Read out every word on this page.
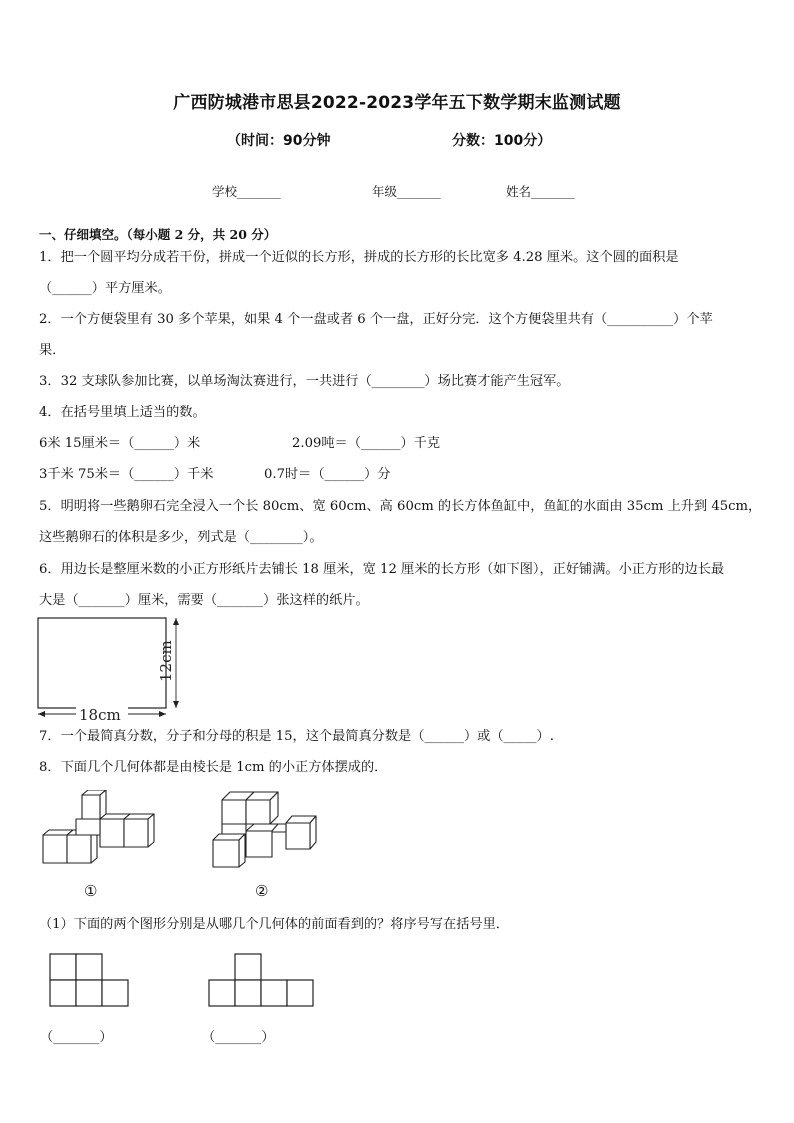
广西防城港市思县2022-2023学年五下数学期末监测试题
（时间：90分钟	分数：100分）
学校_______	年级_______	姓名_______
一、仔细填空。（每小题 2 分，共 20 分）
1．把一个圆平均分成若干份，拼成一个近似的长方形，拼成的长方形的长比宽多 4.28 厘米。这个圆的面积是
（______）平方厘米。
2．一个方便袋里有 30 多个苹果，如果 4 个一盘或者 6 个一盘，正好分完．这个方便袋里共有（__________）个苹
果．
3．32 支球队参加比赛，以单场淘汰赛进行，一共进行（________）场比赛才能产生冠军。
4．在括号里填上适当的数。
6米 15厘米＝（______）米	2.09吨＝（______）千克
3千米 75米＝（______）千米	0.7时＝（______）分
5．明明将一些鹅卵石完全浸入一个长 80cm、宽 60cm、高 60cm 的长方体鱼缸中，鱼缸的水面由 35cm 上升到 45cm，
这些鹅卵石的体积是多少，列式是（________）。
6．用边长是整厘米数的小正方形纸片去铺长 18 厘米，宽 12 厘米的长方形（如下图），正好铺满。小正方形的边长最
大是（_______）厘米，需要（_______）张这样的纸片。
12cm
18cm
7．一个最简真分数，分子和分母的积是 15，这个最简真分数是（______）或（_____）.
8．下面几个几何体都是由棱长是 1cm 的小正方体摆成的．
①	②
（1）下面的两个图形分别是从哪几个几何体的前面看到的？将序号写在括号里．
（_______）	（_______）
